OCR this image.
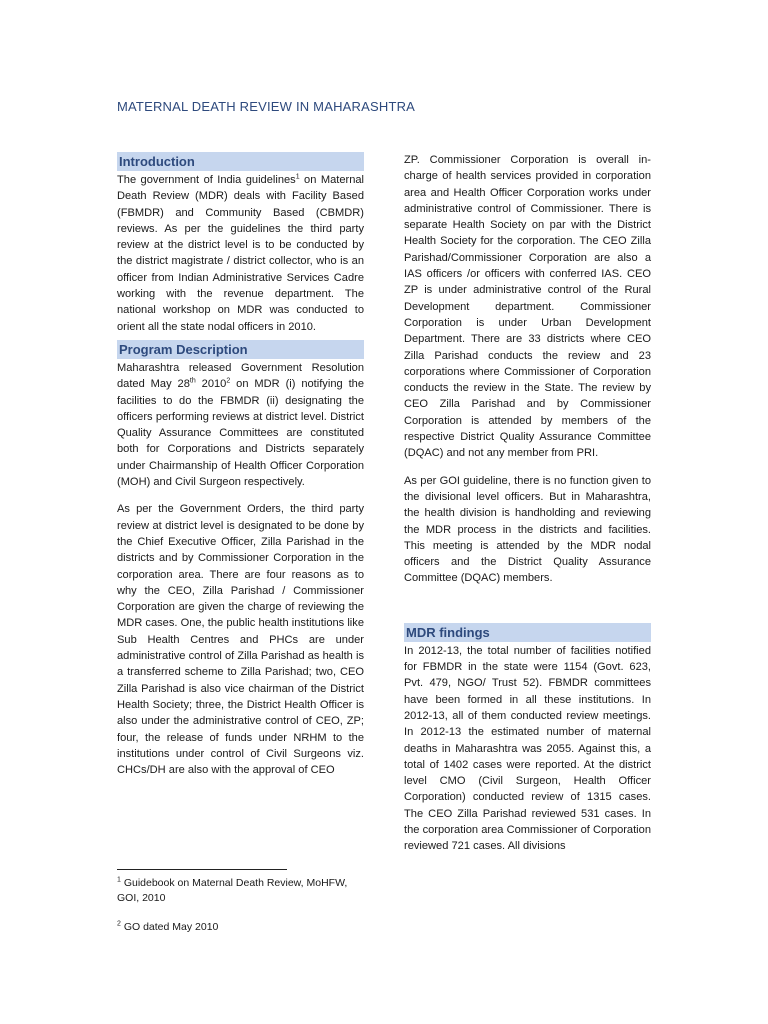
MATERNAL DEATH REVIEW IN MAHARASHTRA
Introduction

The government of India guidelines$^1$ on Maternal Death Review (MDR) deals with Facility Based (FBMDR) and Community Based (CBMDR) reviews. As per the guidelines the third party review at the district level is to be conducted by the district magistrate / district collector, who is an officer from Indian Administrative Services Cadre working with the revenue department. The national workshop on MDR was conducted to orient all the state nodal officers in 2010.

Program Description

Maharashtra released Government Resolution dated May 28th 2010$^2$ on MDR (i) notifying the facilities to do the FBMDR (ii) designating the officers performing reviews at district level. District Quality Assurance Committees are constituted both for Corporations and Districts separately under Chairmanship of Health Officer Corporation (MOH) and Civil Surgeon respectively.

As per the Government Orders, the third party review at district level is designated to be done by the Chief Executive Officer, Zilla Parishad in the districts and by Commissioner Corporation in the corporation area. There are four reasons as to why the CEO, Zilla Parishad / Commissioner Corporation are given the charge of reviewing the MDR cases. One, the public health institutions like Sub Health Centres and PHCs are under administrative control of Zilla Parishad as health is a transferred scheme to Zilla Parishad; two, CEO Zilla Parishad is also vice chairman of the District Health Society; three, the District Health Officer is also under the administrative control of CEO, ZP; four, the release of funds under NRHM to the institutions under control of Civil Surgeons viz. CHCs/DH are also with the approval of CEO

ZP. Commissioner Corporation is overall in-charge of health services provided in corporation area and Health Officer Corporation works under administrative control of Commissioner. There is separate Health Society on par with the District Health Society for the corporation. The CEO Zilla Parishad/Commissioner Corporation are also a IAS officers /or officers with conferred IAS. CEO ZP is under administrative control of the Rural Development department. Commissioner Corporation is under Urban Development Department. There are 33 districts where CEO Zilla Parishad conducts the review and 23 corporations where Commissioner of Corporation conducts the review in the State. The review by CEO Zilla Parishad and by Commissioner Corporation is attended by members of the respective District Quality Assurance Committee (DQAC) and not any member from PRI.

As per GOI guideline, there is no function given to the divisional level officers. But in Maharashtra, the health division is handholding and reviewing the MDR process in the districts and facilities. This meeting is attended by the MDR nodal officers and the District Quality Assurance Committee (DQAC) members.

MDR findings

In 2012-13, the total number of facilities notified for FBMDR in the state were 1154 (Govt. 623, Pvt. 479, NGO/ Trust 52). FBMDR committees have been formed in all these institutions. In 2012-13, all of them conducted review meetings. In 2012-13 the estimated number of maternal deaths in Maharashtra was 2055. Against this, a total of 1402 cases were reported. At the district level CMO (Civil Surgeon, Health Officer Corporation) conducted review of 1315 cases. The CEO Zilla Parishad reviewed 531 cases. In the corporation area Commissioner of Corporation reviewed 721 cases. All divisions

$^1$ Guidebook on Maternal Death Review, MoHFW, GOI, 2010
$^2$ GO dated May 2010
